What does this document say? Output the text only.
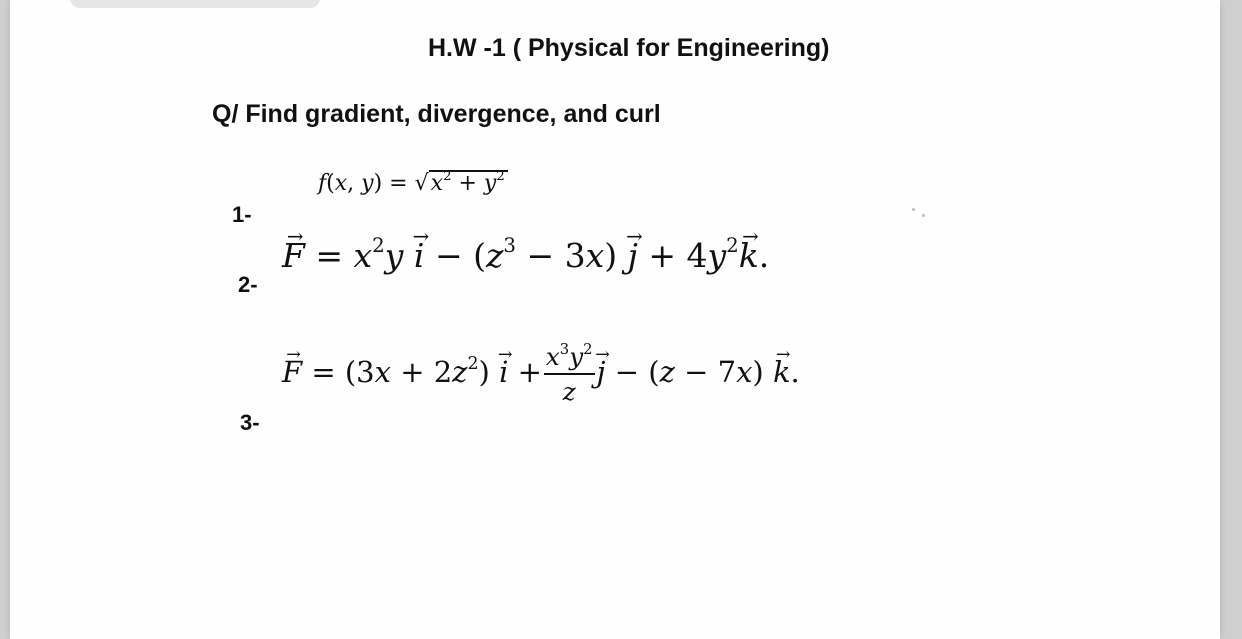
H.W -1 ( Physical for Engineering)
Q/ Find gradient, divergence, and curl
1-
f(x, $y) = √x^2 + y^2$
2-
→ $F = x^2y \to i - (z^3 - 3x) \to j + 4y^2\to k$.
3-
→ $F = (3x + 2z^2) \to i + \frac{x^3y^2}{z}$
→ j − (z − 7x) → k.
